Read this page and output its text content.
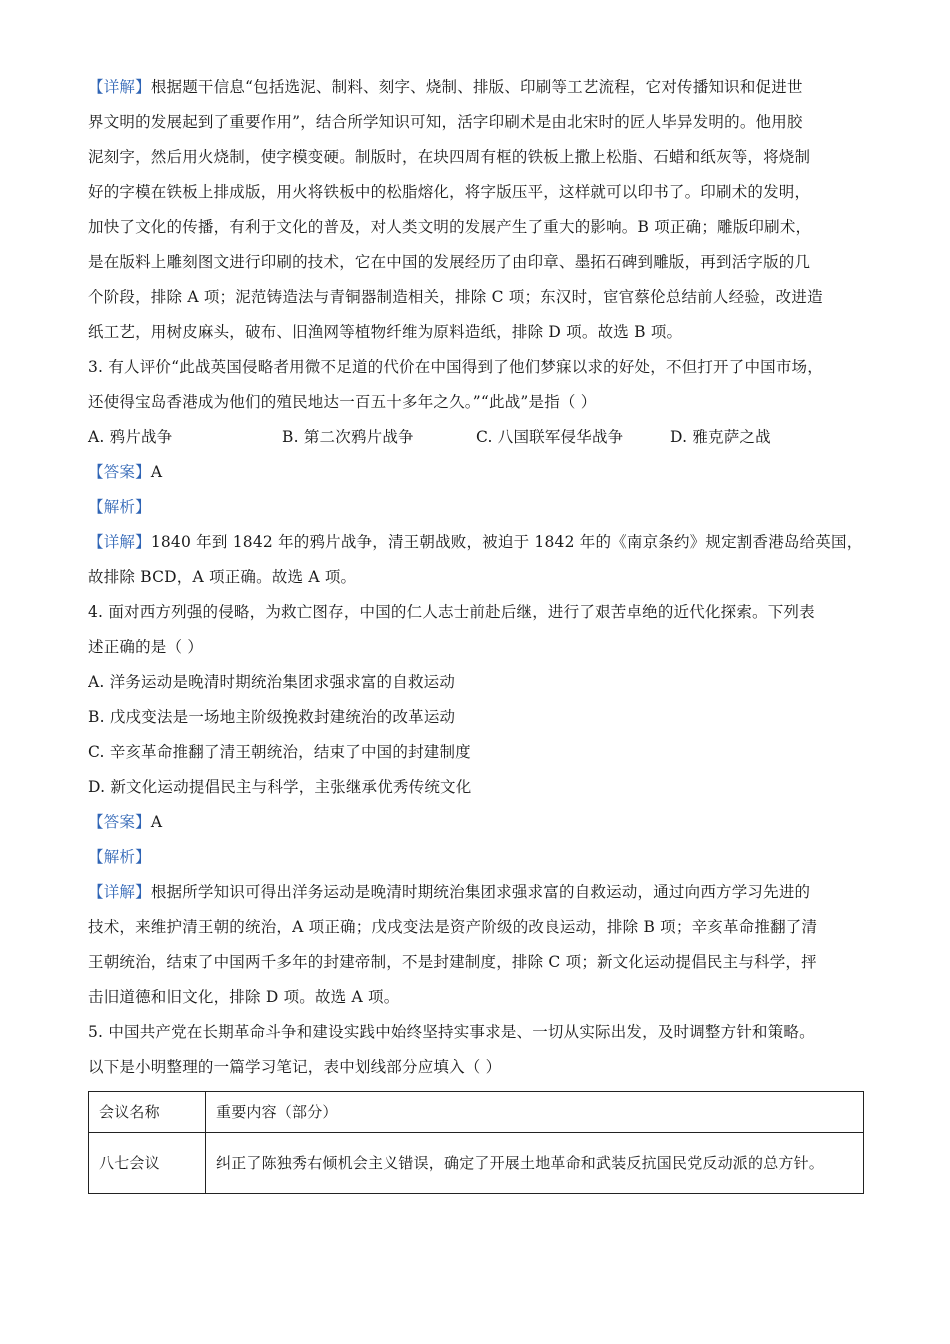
【详解】根据题干信息“包括选泥、制料、刻字、烧制、排版、印刷等工艺流程，它对传播知识和促进世
界文明的发展起到了重要作用”，结合所学知识可知，活字印刷术是由北宋时的匠人毕异发明的。他用胶
泥刻字，然后用火烧制，使字模变硬。制版时，在块四周有框的铁板上撒上松脂、石蜡和纸灰等，将烧制
好的字模在铁板上排成版，用火将铁板中的松脂熔化，将字版压平，这样就可以印书了。印刷术的发明，
加快了文化的传播，有利于文化的普及，对人类文明的发展产生了重大的影响。B 项正确；雕版印刷术，
是在版料上雕刻图文进行印刷的技术，它在中国的发展经历了由印章、墨拓石碑到雕版，再到活字版的几
个阶段，排除 A 项；泥范铸造法与青铜器制造相关，排除 C 项；东汉时，宦官蔡伦总结前人经验，改进造
纸工艺，用树皮麻头，破布、旧渔网等植物纤维为原料造纸，排除 D 项。故选 B 项。
3. 有人评价“此战英国侵略者用微不足道的代价在中国得到了他们梦寐以求的好处，不但打开了中国市场，
还使得宝岛香港成为他们的殖民地达一百五十多年之久。”“此战”是指（ ）
A. 鸦片战争	B. 第二次鸦片战争	C. 八国联军侵华战争	D. 雅克萨之战
【答案】A
【解析】
【详解】1840 年到 1842 年的鸦片战争，清王朝战败，被迫于 1842 年的《南京条约》规定割香港岛给英国，
故排除 BCD，A 项正确。故选 A 项。
4. 面对西方列强的侵略，为救亡图存，中国的仁人志士前赴后继，进行了艰苦卓绝的近代化探索。下列表
述正确的是（ ）
A. 洋务运动是晚清时期统治集团求强求富的自救运动
B. 戊戌变法是一场地主阶级挽救封建统治的改革运动
C. 辛亥革命推翻了清王朝统治，结束了中国的封建制度
D. 新文化运动提倡民主与科学，主张继承优秀传统文化
【答案】A
【解析】
【详解】根据所学知识可得出洋务运动是晚清时期统治集团求强求富的自救运动，通过向西方学习先进的
技术，来维护清王朝的统治，A 项正确；戊戌变法是资产阶级的改良运动，排除 B 项；辛亥革命推翻了清
王朝统治，结束了中国两千多年的封建帝制，不是封建制度，排除 C 项；新文化运动提倡民主与科学，抨
击旧道德和旧文化，排除 D 项。故选 A 项。
5. 中国共产党在长期革命斗争和建设实践中始终坚持实事求是、一切从实际出发，及时调整方针和策略。
以下是小明整理的一篇学习笔记，表中划线部分应填入（ ）
会议名称	重要内容（部分）
八七会议	纠正了陈独秀右倾机会主义错误，确定了开展土地革命和武装反抗国民党反动派的总方针。
